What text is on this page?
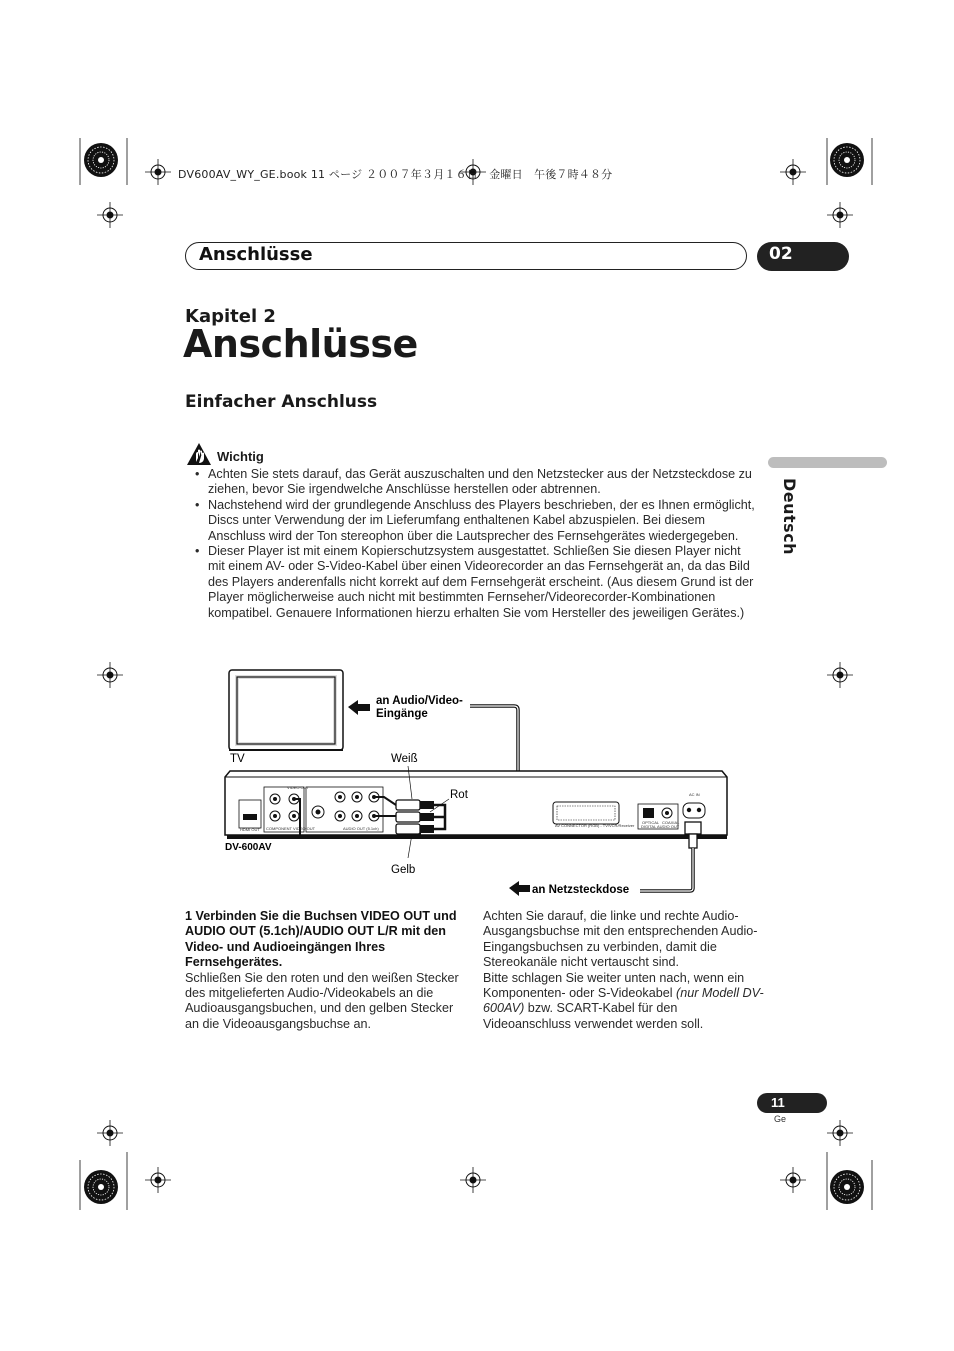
DV600AV_WY_GE.book 11 ページ ２００７年３月１６日　金曜日　午後７時４８分
Anschlüsse	02
Kapitel 2
Anschlüsse
Einfacher Anschluss
Deutsch
Wichtig
• Achten Sie stets darauf, das Gerät auszuschalten und den Netzstecker aus der Netzsteckdose zu ziehen, bevor Sie irgendwelche Anschlüsse herstellen oder abtrennen.
• Nachstehend wird der grundlegende Anschluss des Players beschrieben, der es Ihnen ermöglicht, Discs unter Verwendung der im Lieferumfang enthaltenen Kabel abzuspielen. Bei diesem Anschluss wird der Ton stereophon über die Lautsprecher des Fernsehgerätes wiedergegeben.
• Dieser Player ist mit einem Kopierschutzsystem ausgestattet. Schließen Sie diesen Player nicht mit einem AV- oder S-Video-Kabel über einen Videorecorder an das Fernsehgerät an, da das Bild des Players anderenfalls nicht korrekt auf dem Fernsehgerät erscheint. (Aus diesem Grund ist der Player möglicherweise auch nicht mit bestimmten Fernseher/Videorecorder-Kombinationen kompatibel. Genauere Informationen hierzu erhalten Sie vom Hersteller des jeweiligen Gerätes.)
AC IN
HDMI OUT COMPONENT VIDEO OUT
VIDEO OUT
AUDIO OUT (5.1ch)
AV CONNECTOR (RGB) - TV/VCR/Receiver DIGITAL AUDIO OUT
OPTICAL COAXIAL
TV
an Audio/Video-
Eingänge
Weiß
Rot
Gelb
DV-600AV
an Netzsteckdose
1 Verbinden Sie die Buchsen VIDEO OUT und AUDIO OUT (5.1ch)/AUDIO OUT L/R mit den Video- und Audioeingängen Ihres Fernsehgerätes.
Schließen Sie den roten und den weißen Stecker des mitgelieferten Audio-/Videokabels an die Audioausgangsbuchen, und den gelben Stecker an die Videoausgangsbuchse an.
Achten Sie darauf, die linke und rechte Audio-Ausgangsbuchse mit den entsprechenden Audio-Eingangsbuchsen zu verbinden, damit die Stereokanäle nicht vertauscht sind.
Bitte schlagen Sie weiter unten nach, wenn ein Komponenten- oder S-Videokabel (nur Modell DV-600AV) bzw. SCART-Kabel für den Videoanschluss verwendet werden soll.
11
Ge
